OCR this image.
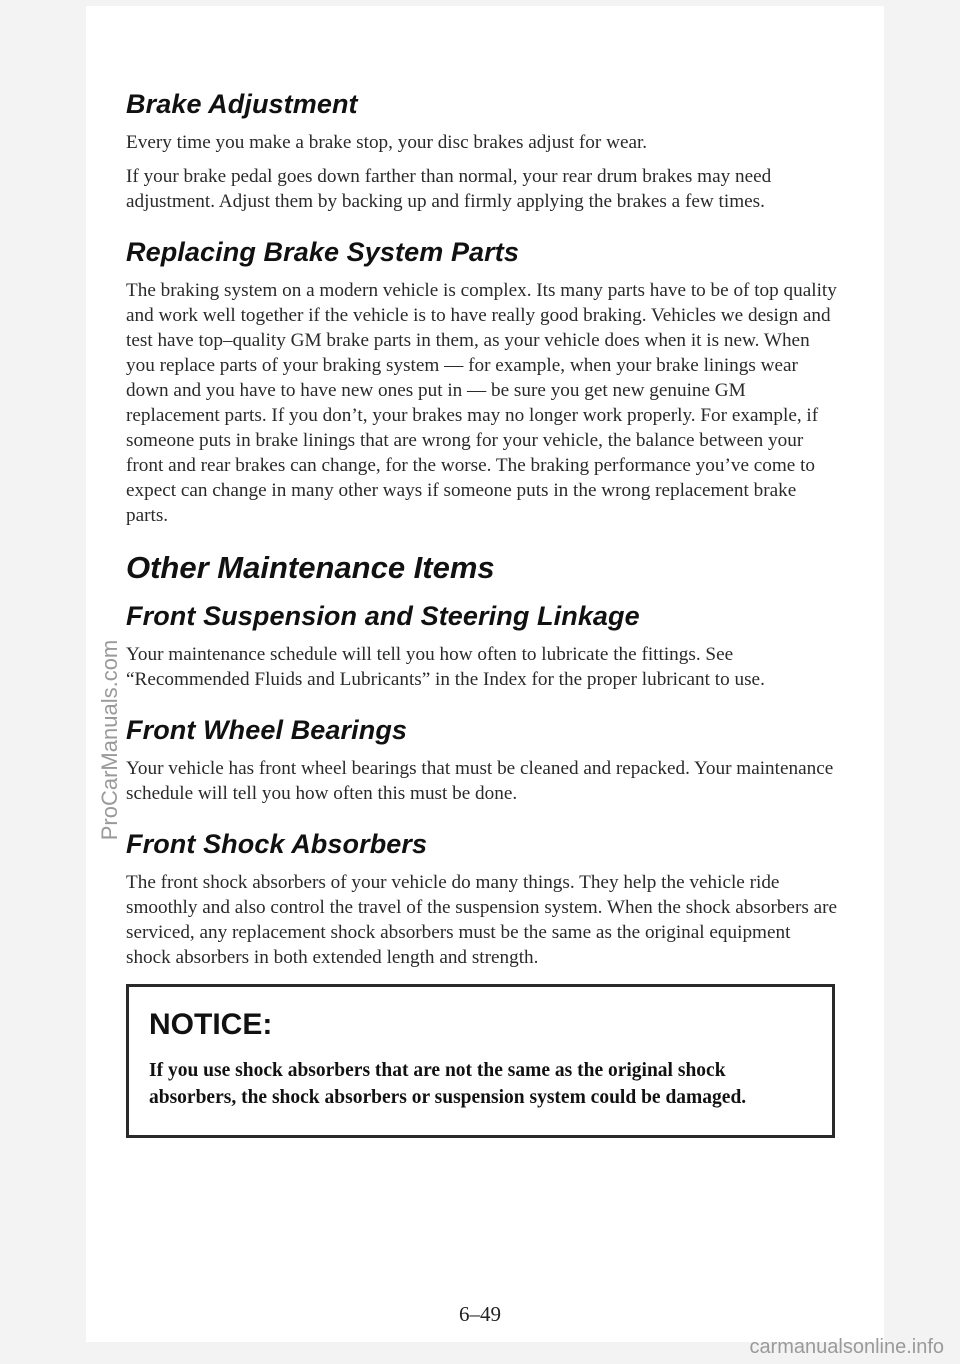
Brake Adjustment

Every time you make a brake stop, your disc brakes adjust for wear.

If your brake pedal goes down farther than normal, your rear drum brakes may need adjustment. Adjust them by backing up and firmly applying the brakes a few times.

Replacing Brake System Parts

The braking system on a modern vehicle is complex. Its many parts have to be of top quality and work well together if the vehicle is to have really good braking. Vehicles we design and test have top–quality GM brake parts in them, as your vehicle does when it is new. When you replace parts of your braking system — for example, when your brake linings wear down and you have to have new ones put in — be sure you get new genuine GM replacement parts. If you don’t, your brakes may no longer work properly. For example, if someone puts in brake linings that are wrong for your vehicle, the balance between your front and rear brakes can change, for the worse. The braking performance you’ve come to expect can change in many other ways if someone puts in the wrong replacement brake parts.

Other Maintenance Items
Front Suspension and Steering Linkage

Your maintenance schedule will tell you how often to lubricate the fittings. See “Recommended Fluids and Lubricants” in the Index for the proper lubricant to use.

Front Wheel Bearings

Your vehicle has front wheel bearings that must be cleaned and repacked. Your maintenance schedule will tell you how often this must be done.

Front Shock Absorbers

The front shock absorbers of your vehicle do many things. They help the vehicle ride smoothly and also control the travel of the suspension system. When the shock absorbers are serviced, any replacement shock absorbers must be the same as the original equipment shock absorbers in both extended length and strength.

NOTICE:
If you use shock absorbers that are not the same as the original shock absorbers, the shock absorbers or suspension system could be damaged.
6–49
ProCarManuals.com
carmanualsonline.info
